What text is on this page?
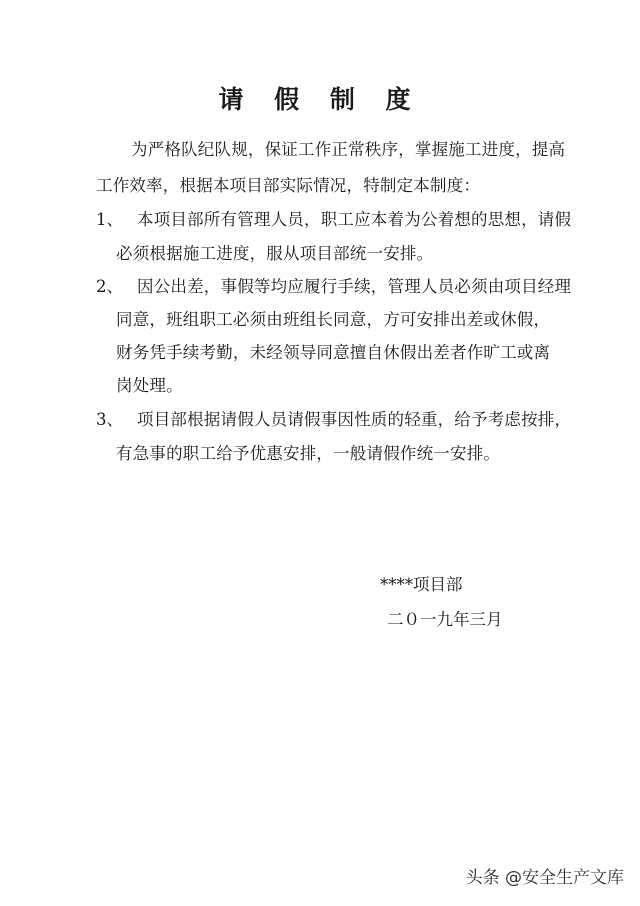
请 假 制 度
为严格队纪队规，保证工作正常秩序，掌握施工进度，提高
工作效率，根据本项目部实际情况，特制定本制度：
1、 本项目部所有管理人员，职工应本着为公着想的思想，请假
必须根据施工进度，服从项目部统一安排。
2、 因公出差，事假等均应履行手续，管理人员必须由项目经理
同意，班组职工必须由班组长同意，方可安排出差或休假，
财务凭手续考勤，未经领导同意擅自休假出差者作旷工或离
岗处理。
3、 项目部根据请假人员请假事因性质的轻重，给予考虑按排，
有急事的职工给予优惠安排，一般请假作统一安排。
****项目部
二０一九年三月
头条 @安全生产文库
